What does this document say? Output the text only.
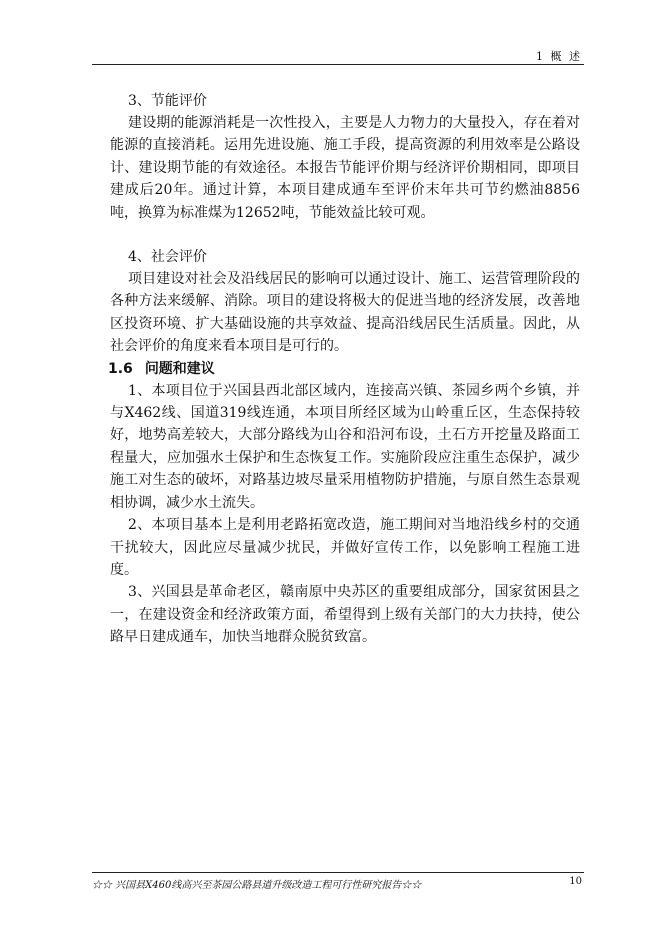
1 概 述

3、节能评价

建设期的能源消耗是一次性投入，主要是人力物力的大量投入，存在着对能源的直接消耗。运用先进设施、施工手段，提高资源的利用效率是公路设计、建设期节能的有效途径。本报告节能评价期与经济评价期相同，即项目建成后20年。通过计算，本项目建成通车至评价末年共可节约燃油8856吨，换算为标准煤为12652吨，节能效益比较可观。

4、社会评价

项目建设对社会及沿线居民的影响可以通过设计、施工、运营管理阶段的各种方法来缓解、消除。项目的建设将极大的促进当地的经济发展，改善地区投资环境、扩大基础设施的共享效益、提高沿线居民生活质量。因此，从社会评价的角度来看本项目是可行的。

1.6 问题和建议

1、本项目位于兴国县西北部区域内，连接高兴镇、茶园乡两个乡镇，并与X462线、国道319线连通，本项目所经区域为山岭重丘区，生态保持较好，地势高差较大，大部分路线为山谷和沿河布设，土石方开挖量及路面工程量大，应加强水土保护和生态恢复工作。实施阶段应注重生态保护，减少施工对生态的破坏，对路基边坡尽量采用植物防护措施，与原自然生态景观相协调，减少水土流失。

2、本项目基本上是利用老路拓宽改造，施工期间对当地沿线乡村的交通干扰较大，因此应尽量减少扰民，并做好宣传工作，以免影响工程施工进度。

3、兴国县是革命老区，赣南原中央苏区的重要组成部分，国家贫困县之一，在建设资金和经济政策方面，希望得到上级有关部门的大力扶持，使公路早日建成通车，加快当地群众脱贫致富。

☆☆ 兴国县X460线高兴至茶园公路县道升级改造工程可行性研究报告☆☆	10
